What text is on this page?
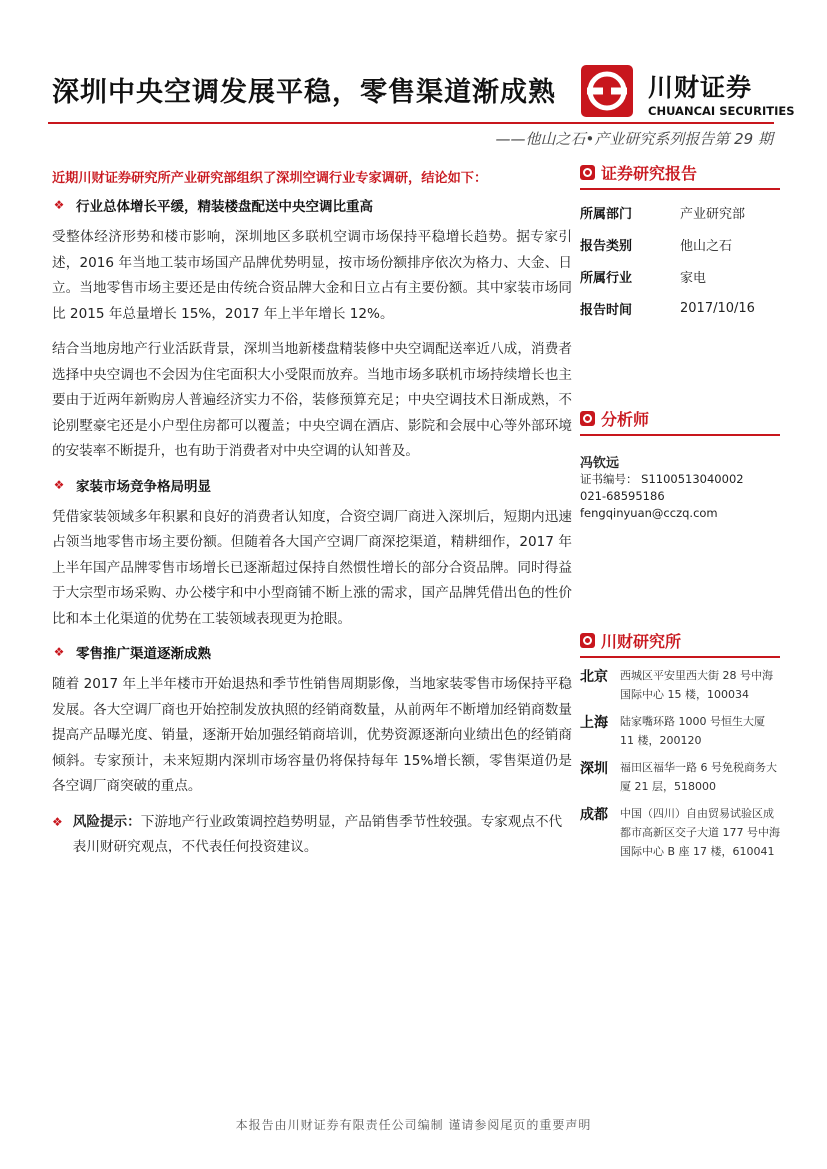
深圳中央空调发展平稳，零售渠道渐成熟	川财证券
CHUANCAI SECURITIES
——他山之石•产业研究系列报告第 29 期
近期川财证券研究所产业研究部组织了深圳空调行业专家调研，结论如下：
❖ 行业总体增长平缓，精装楼盘配送中央空调比重高

受整体经济形势和楼市影响，深圳地区多联机空调市场保持平稳增长趋势。据专家引述，2016 年当地工装市场国产品牌优势明显，按市场份额排序依次为格力、大金、日立。当地零售市场主要还是由传统合资品牌大金和日立占有主要份额。其中家装市场同比 2015 年总量增长 15%，2017 年上半年增长 12%。

结合当地房地产行业活跃背景，深圳当地新楼盘精装修中央空调配送率近八成，消费者选择中央空调也不会因为住宅面积大小受限而放弃。当地市场多联机市场持续增长也主要由于近两年新购房人普遍经济实力不俗，装修预算充足；中央空调技术日渐成熟，不论别墅豪宅还是小户型住房都可以覆盖；中央空调在酒店、影院和会展中心等外部环境的安装率不断提升，也有助于消费者对中央空调的认知普及。

❖ 家装市场竞争格局明显

凭借家装领域多年积累和良好的消费者认知度，合资空调厂商进入深圳后，短期内迅速占领当地零售市场主要份额。但随着各大国产空调厂商深挖渠道，精耕细作，2017 年上半年国产品牌零售市场增长已逐渐超过保持自然惯性增长的部分合资品牌。同时得益于大宗型市场采购、办公楼宇和中小型商铺不断上涨的需求，国产品牌凭借出色的性价比和本土化渠道的优势在工装领域表现更为抢眼。

❖ 零售推广渠道逐渐成熟

随着 2017 年上半年楼市开始退热和季节性销售周期影像，当地家装零售市场保持平稳发展。各大空调厂商也开始控制发放执照的经销商数量，从前两年不断增加经销商数量提高产品曝光度、销量，逐渐开始加强经销商培训，优势资源逐渐向业绩出色的经销商倾斜。专家预计，未来短期内深圳市场容量仍将保持每年 15%增长额，零售渠道仍是各空调厂商突破的重点。

❖ 风险提示：下游地产行业政策调控趋势明显，产品销售季节性较强。专家观点不代表川财研究观点，不代表任何投资建议。
证券研究报告
所属部门	产业研究部
报告类别	他山之石
所属行业	家电
报告时间	2017/10/16
分析师
冯钦远
证书编号： S1100513040002
021-68595186
fengqinyuan@cczq.com
川财研究所
北京	西城区平安里西大街 28 号中海国际中心 15 楼，100034
上海	陆家嘴环路 1000 号恒生大厦 11 楼，200120
深圳	福田区福华一路 6 号免税商务大厦 21 层，518000
成都	中国（四川）自由贸易试验区成都市高新区交子大道 177 号中海国际中心 B 座 17 楼，610041
本报告由川财证券有限责任公司编制 谨请参阅尾页的重要声明
